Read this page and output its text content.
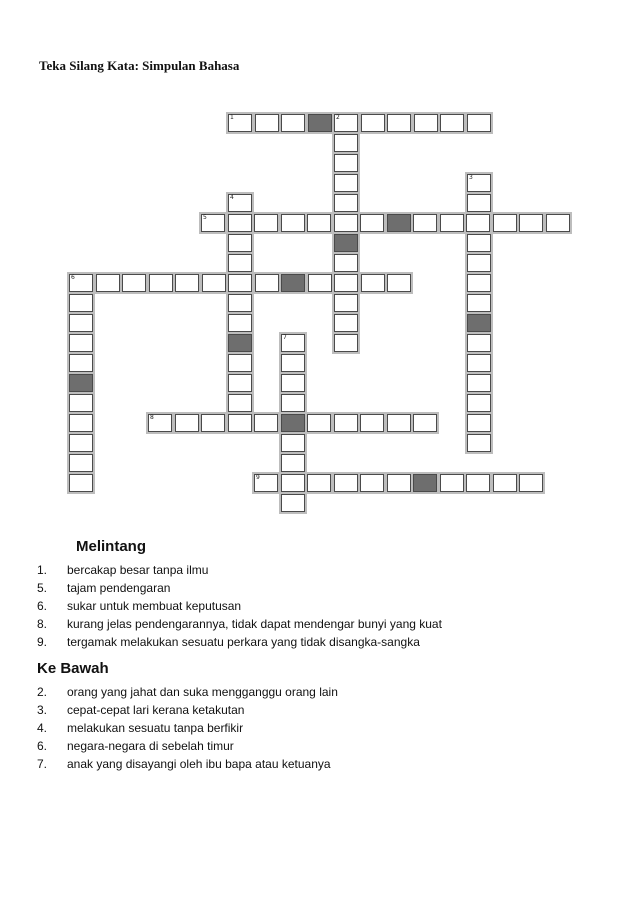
Teka Silang Kata: Simpulan Bahasa
1	2
3
4
5
6
7
8
9
Melintang
1. bercakap besar tanpa ilmu
5. tajam pendengaran
6. sukar untuk membuat keputusan
8. kurang jelas pendengarannya, tidak dapat mendengar bunyi yang kuat
9. tergamak melakukan sesuatu perkara yang tidak disangka-sangka
Ke Bawah
2. orang yang jahat dan suka mengganggu orang lain
3. cepat-cepat lari kerana ketakutan
4. melakukan sesuatu tanpa berfikir
6. negara-negara di sebelah timur
7. anak yang disayangi oleh ibu bapa atau ketuanya
